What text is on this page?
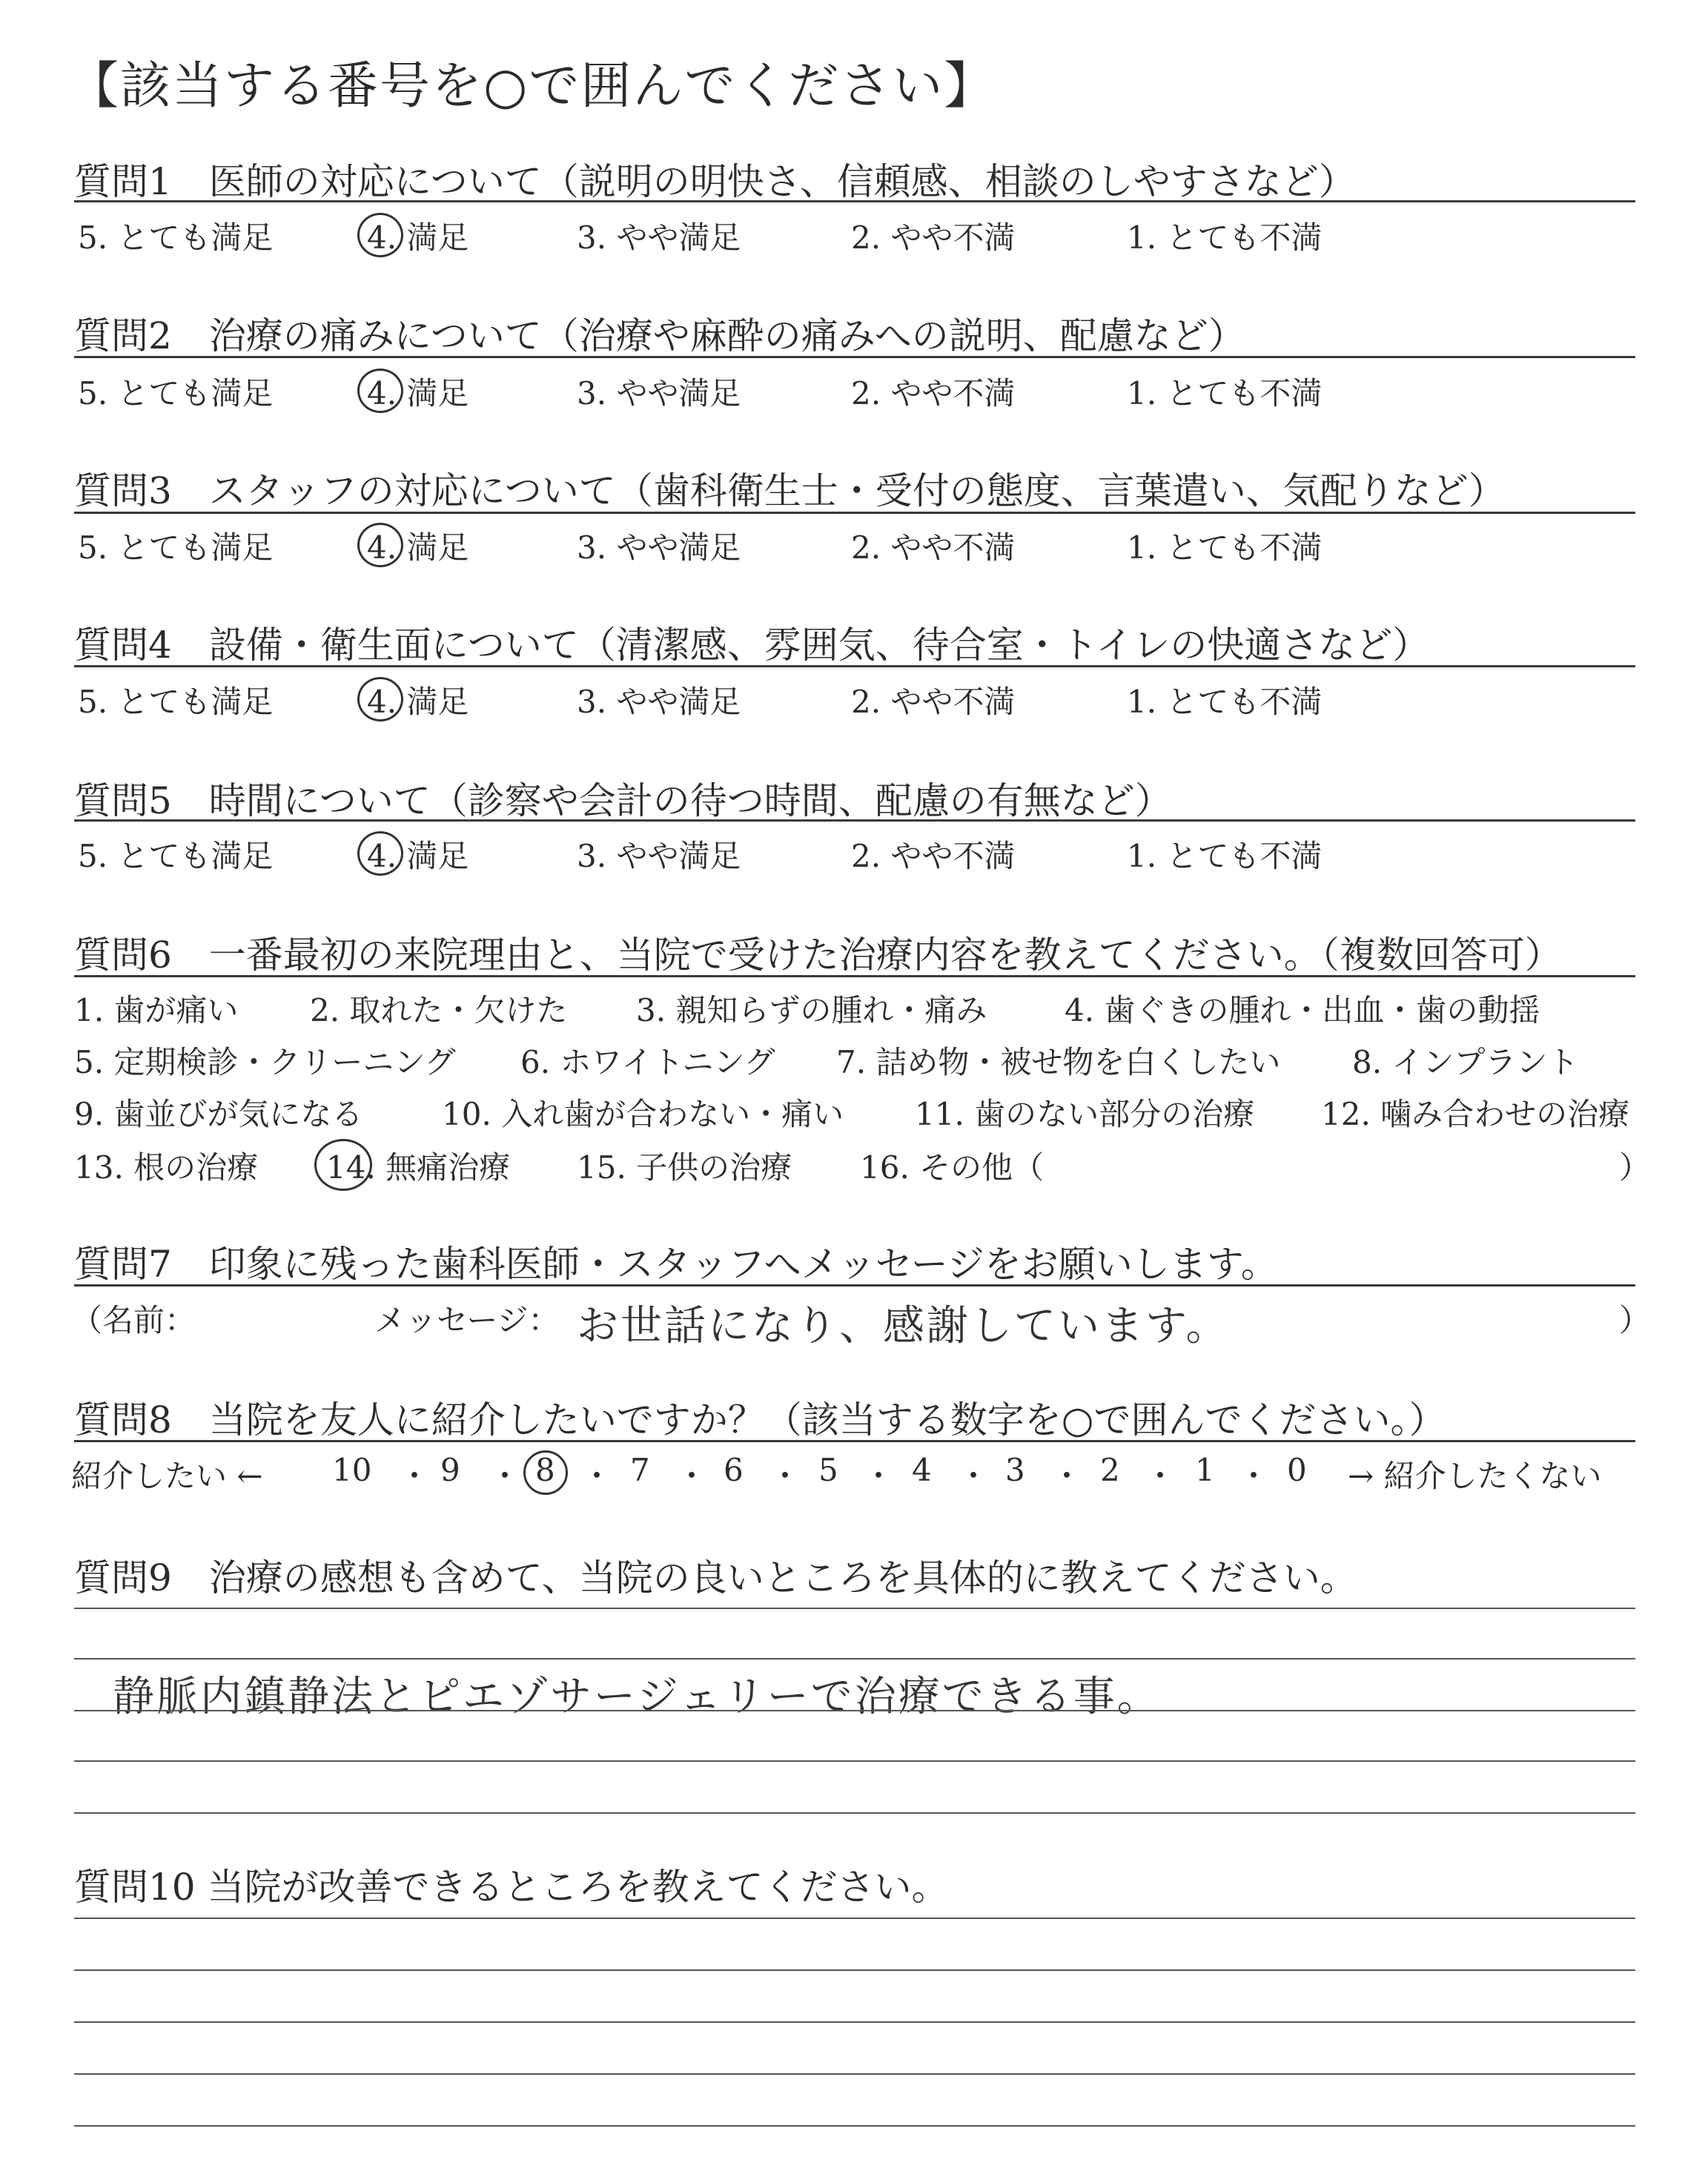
【該当する番号を○で囲んでください】
質問1　医師の対応について（説明の明快さ、信頼感、相談のしやすさなど）
5. とても満足	4. 満足	3. やや満足	2. やや不満	1. とても不満
質問2　治療の痛みについて（治療や麻酔の痛みへの説明、配慮など）
5. とても満足	4. 満足	3. やや満足	2. やや不満	1. とても不満
質問3　スタッフの対応について（歯科衛生士・受付の態度、言葉遣い、気配りなど）
5. とても満足	4. 満足	3. やや満足	2. やや不満	1. とても不満
質問4　設備・衛生面について（清潔感、雰囲気、待合室・トイレの快適さなど）
5. とても満足	4. 満足	3. やや満足	2. やや不満	1. とても不満
質問5　時間について（診察や会計の待つ時間、配慮の有無など）
5. とても満足	4. 満足	3. やや満足	2. やや不満	1. とても不満
質問6　一番最初の来院理由と、当院で受けた治療内容を教えてください。（複数回答可）
1. 歯が痛い 2. 取れた・欠けた 3. 親知らずの腫れ・痛み 4. 歯ぐきの腫れ・出血・歯の動揺
5. 定期検診・クリーニング 6. ホワイトニング 7. 詰め物・被せ物を白くしたい 8. インプラント
9. 歯並びが気になる	10. 入れ歯が合わない・痛い 11. 歯のない部分の治療 12. 噛み合わせの治療
13. 根の治療 14. 無痛治療 15. 子供の治療 16. その他（	）
質問7　印象に残った歯科医師・スタッフへメッセージをお願いします。
（名前：	メッセージ： お世話になり、感謝しています。	）
質問8　当院を友人に紹介したいですか？（該当する数字を○で囲んでください。）
紹介したい ← 10 ・ 9 ・ 8 ・ 7 ・ 6 ・ 5 ・ 4 ・ 3 ・ 2 ・ 1 ・ 0 → 紹介したくない
質問9　治療の感想も含めて、当院の良いところを具体的に教えてください。
静脈内鎮静法とピエゾサージェリーで治療できる事。
質問10 当院が改善できるところを教えてください。
